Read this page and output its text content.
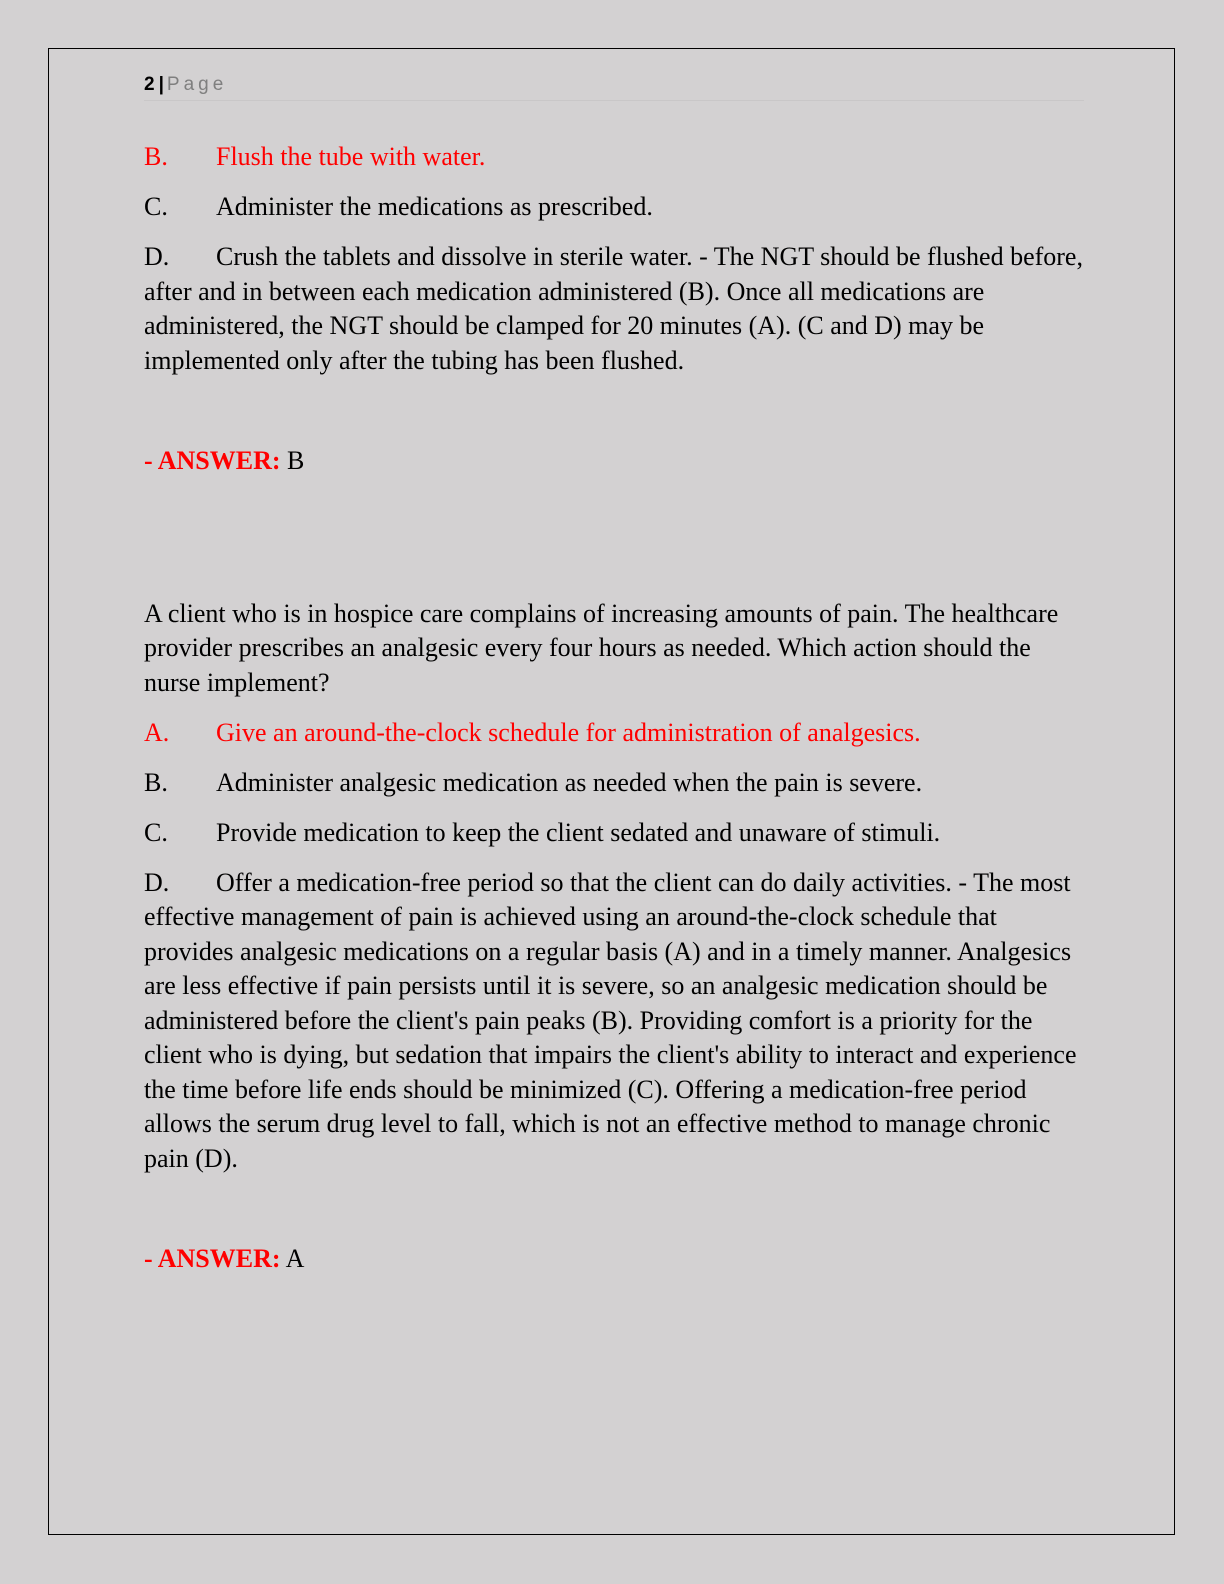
2 | Page

B. Flush the tube with water.

C. Administer the medications as prescribed.

D. Crush the tablets and dissolve in sterile water. - The NGT should be flushed before, after and in between each medication administered (B). Once all medications are administered, the NGT should be clamped for 20 minutes (A). (C and D) may be implemented only after the tubing has been flushed.

- ANSWER: B

A client who is in hospice care complains of increasing amounts of pain. The healthcare provider prescribes an analgesic every four hours as needed. Which action should the nurse implement?

A. Give an around-the-clock schedule for administration of analgesics.

B. Administer analgesic medication as needed when the pain is severe.

C. Provide medication to keep the client sedated and unaware of stimuli.

D. Offer a medication-free period so that the client can do daily activities. - The most effective management of pain is achieved using an around-the-clock schedule that provides analgesic medications on a regular basis (A) and in a timely manner. Analgesics are less effective if pain persists until it is severe, so an analgesic medication should be administered before the client's pain peaks (B). Providing comfort is a priority for the client who is dying, but sedation that impairs the client's ability to interact and experience the time before life ends should be minimized (C). Offering a medication-free period allows the serum drug level to fall, which is not an effective method to manage chronic pain (D).

- ANSWER: A
